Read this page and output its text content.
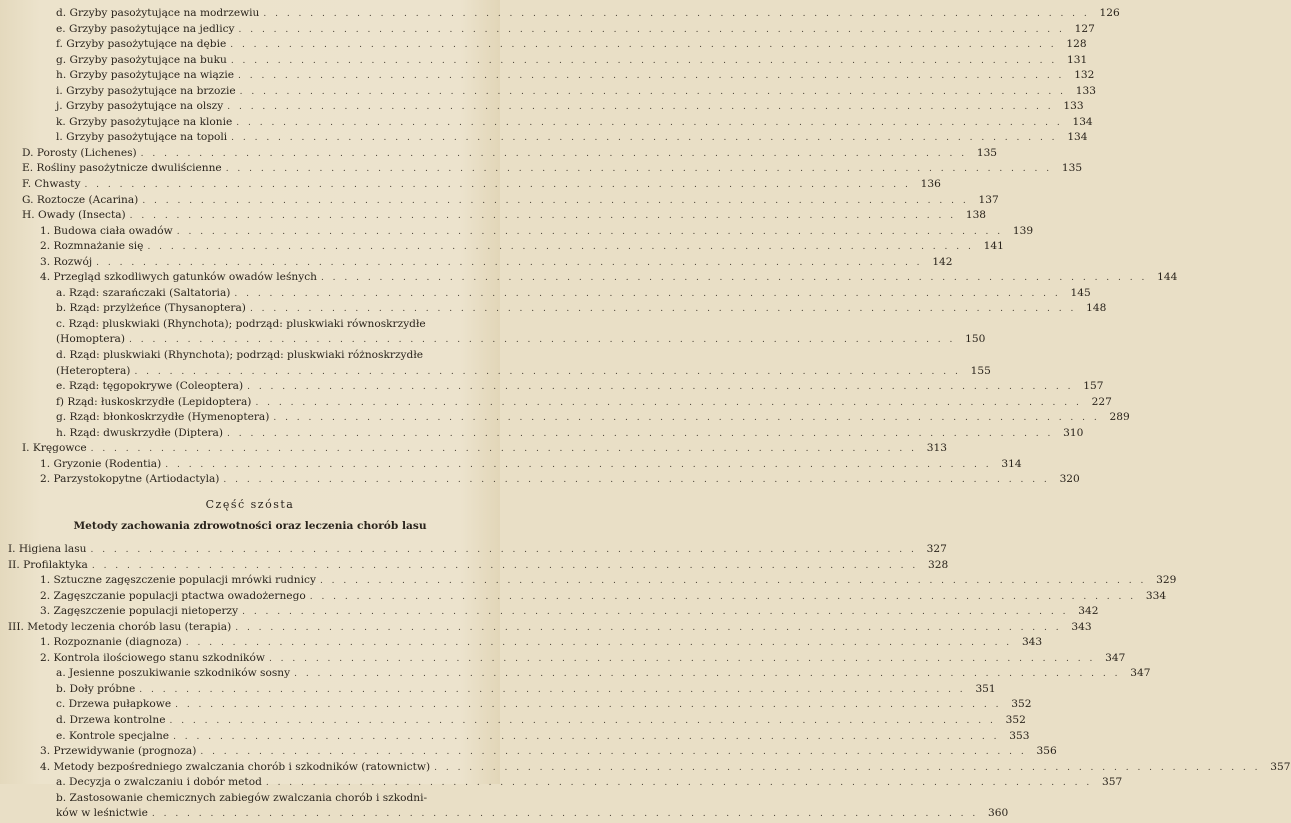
d. Grzyby pasożytujące na modrzewiu . . .	126
e. Grzyby pasożytujące na jedlicy . . .	127
f. Grzyby pasożytujące na dębie . . .	128
g. Grzyby pasożytujące na buku . . .	131
h. Grzyby pasożytujące na wiązie . . .	132
i. Grzyby pasożytujące na brzozie . . .	133
j. Grzyby pasożytujące na olszy . . .	133
k. Grzyby pasożytujące na klonie . . .	134
l. Grzyby pasożytujące na topoli . . .	134
D. Porosty (Lichenes) . . .	135
E. Rośliny pasożytnicze dwuliścienne . . .	135
F. Chwasty . . .	136
G. Roztocze (Acarina) . . .	137
H. Owady (Insecta) . . .	138
1. Budowa ciała owadów . . .	139
2. Rozmnażanie się . . .	141
3. Rozwój . . .	142
4. Przegląd szkodliwych gatunków owadów leśnych . . .	144
a. Rząd: szarańczaki (Saltatoria) . . .	145
b. Rząd: przylżeńce (Thysanoptera) . . .	148
c. Rząd: pluskwiaki (Rhynchota); podrząd: pluskwiaki równoskrzydłe
(Homoptera) . . .	150
d. Rząd: pluskwiaki (Rhynchota); podrząd: pluskwiaki różnoskrzydłe
(Heteroptera) . . .	155
e. Rząd: tęgopokrywe (Coleoptera) . . .	157
f) Rząd: łuskoskrzydłe (Lepidoptera) . . .	227
g. Rząd: błonkoskrzydłe (Hymenoptera) . . .	289
h. Rząd: dwuskrzydłe (Diptera) . . .	310
I. Kręgowce . . .	313
1. Gryzonie (Rodentia) . . .	314
2. Parzystokopytne (Artiodactyla) . . .	320
Część szósta
Metody zachowania zdrowotności oraz leczenia chorób lasu
I. Higiena lasu . . .	327
II. Profilaktyka . . .	328
1. Sztuczne zagęszczenie populacji mrówki rudnicy . . .	329
2. Zagęszczanie populacji ptactwa owadożernego . . .	334
3. Zagęszczenie populacji nietoperzy . . .	342
III. Metody leczenia chorób lasu (terapia) . . .	343
1. Rozpoznanie (diagnoza) . . .	343
2. Kontrola ilościowego stanu szkodników . . .	347
a. Jesienne poszukiwanie szkodników sosny . . .	347
b. Doły próbne . . .	351
c. Drzewa pułapkowe . . .	352
d. Drzewa kontrolne . . .	352
e. Kontrole specjalne . . .	353
3. Przewidywanie (prognoza) . . .	356
4. Metody bezpośredniego zwalczania chorób i szkodników (ratownictw) . . .	357
a. Decyzja o zwalczaniu i dobór metod . . .	357
b. Zastosowanie chemicznych zabiegów zwalczania chorób i szkodni-
ków w leśnictwie . . .	360
